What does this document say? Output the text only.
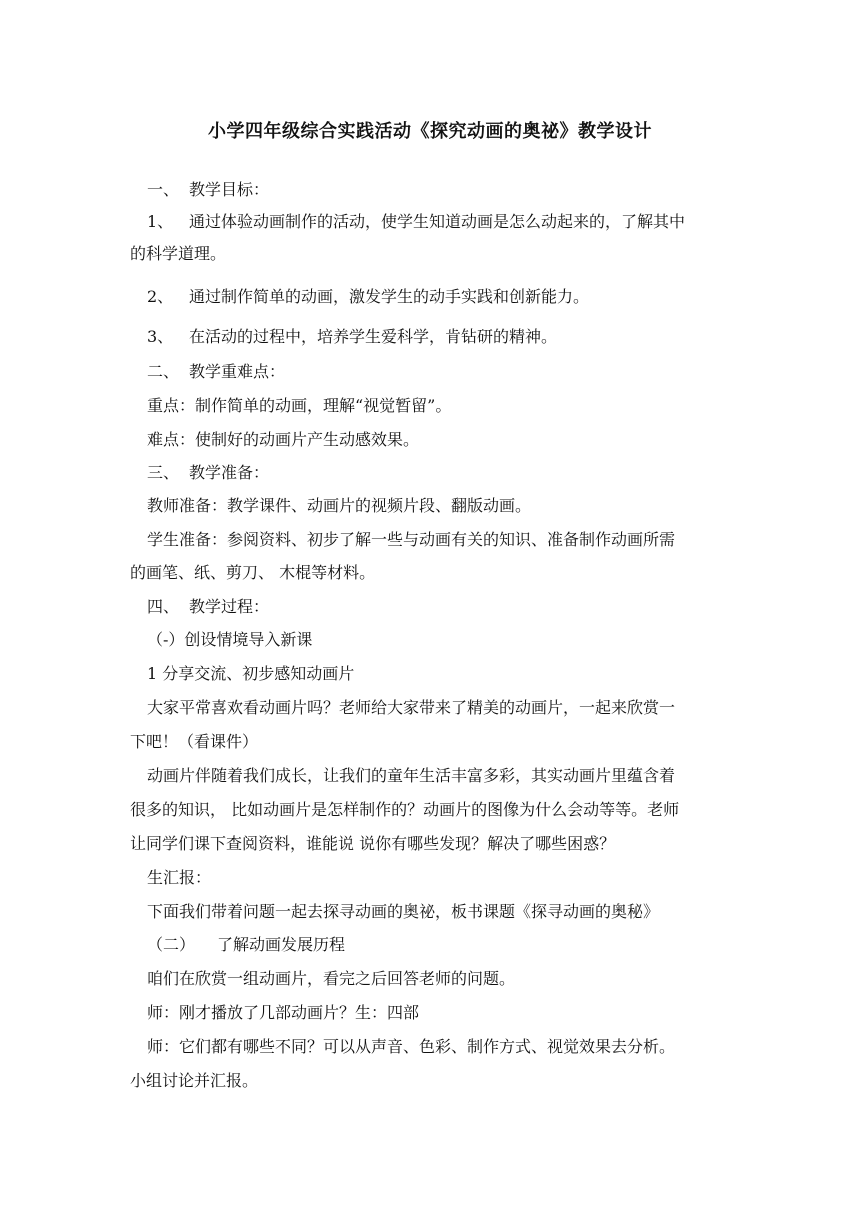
小学四年级综合实践活动《探究动画的奥祕》教学设计
一、 教学目标：
1、 通过体验动画制作的活动，使学生知道动画是怎么动起来的，了解其中
的科学道理。
2、 通过制作简单的动画，激发学生的动手实践和创新能力。
3、 在活动的过程中，培养学生爱科学，肯钻研的精神。
二、 教学重难点：
重点：制作简单的动画，理解“视觉暂留”。
难点：使制好的动画片产生动感效果。
三、 教学准备：
教师准备：教学课件、动画片的视频片段、翻版动画。
学生准备：参阅资料、初步了解一些与动画有关的知识、准备制作动画所需
的画笔、纸、剪刀、 木棍等材料。
四、 教学过程：
（-）创设情境导入新课
1 分享交流、初步感知动画片
大家平常喜欢看动画片吗？老师给大家带来了精美的动画片，一起来欣赏一
下吧！（看课件）
动画片伴随着我们成长，让我们的童年生活丰富多彩，其实动画片里蕴含着
很多的知识， 比如动画片是怎样制作的？动画片的图像为什么会动等等。老师
让同学们课下查阅资料，谁能说 说你有哪些发现？解决了哪些困惑？
生汇报：
下面我们带着问题一起去探寻动画的奥祕，板书课题《探寻动画的奥秘》
（二） 了解动画发展历程
咱们在欣赏一组动画片，看完之后回答老师的问题。
师：刚才播放了几部动画片？生：四部
师：它们都有哪些不同？可以从声音、色彩、制作方式、视觉效果去分析。
小组讨论并汇报。
